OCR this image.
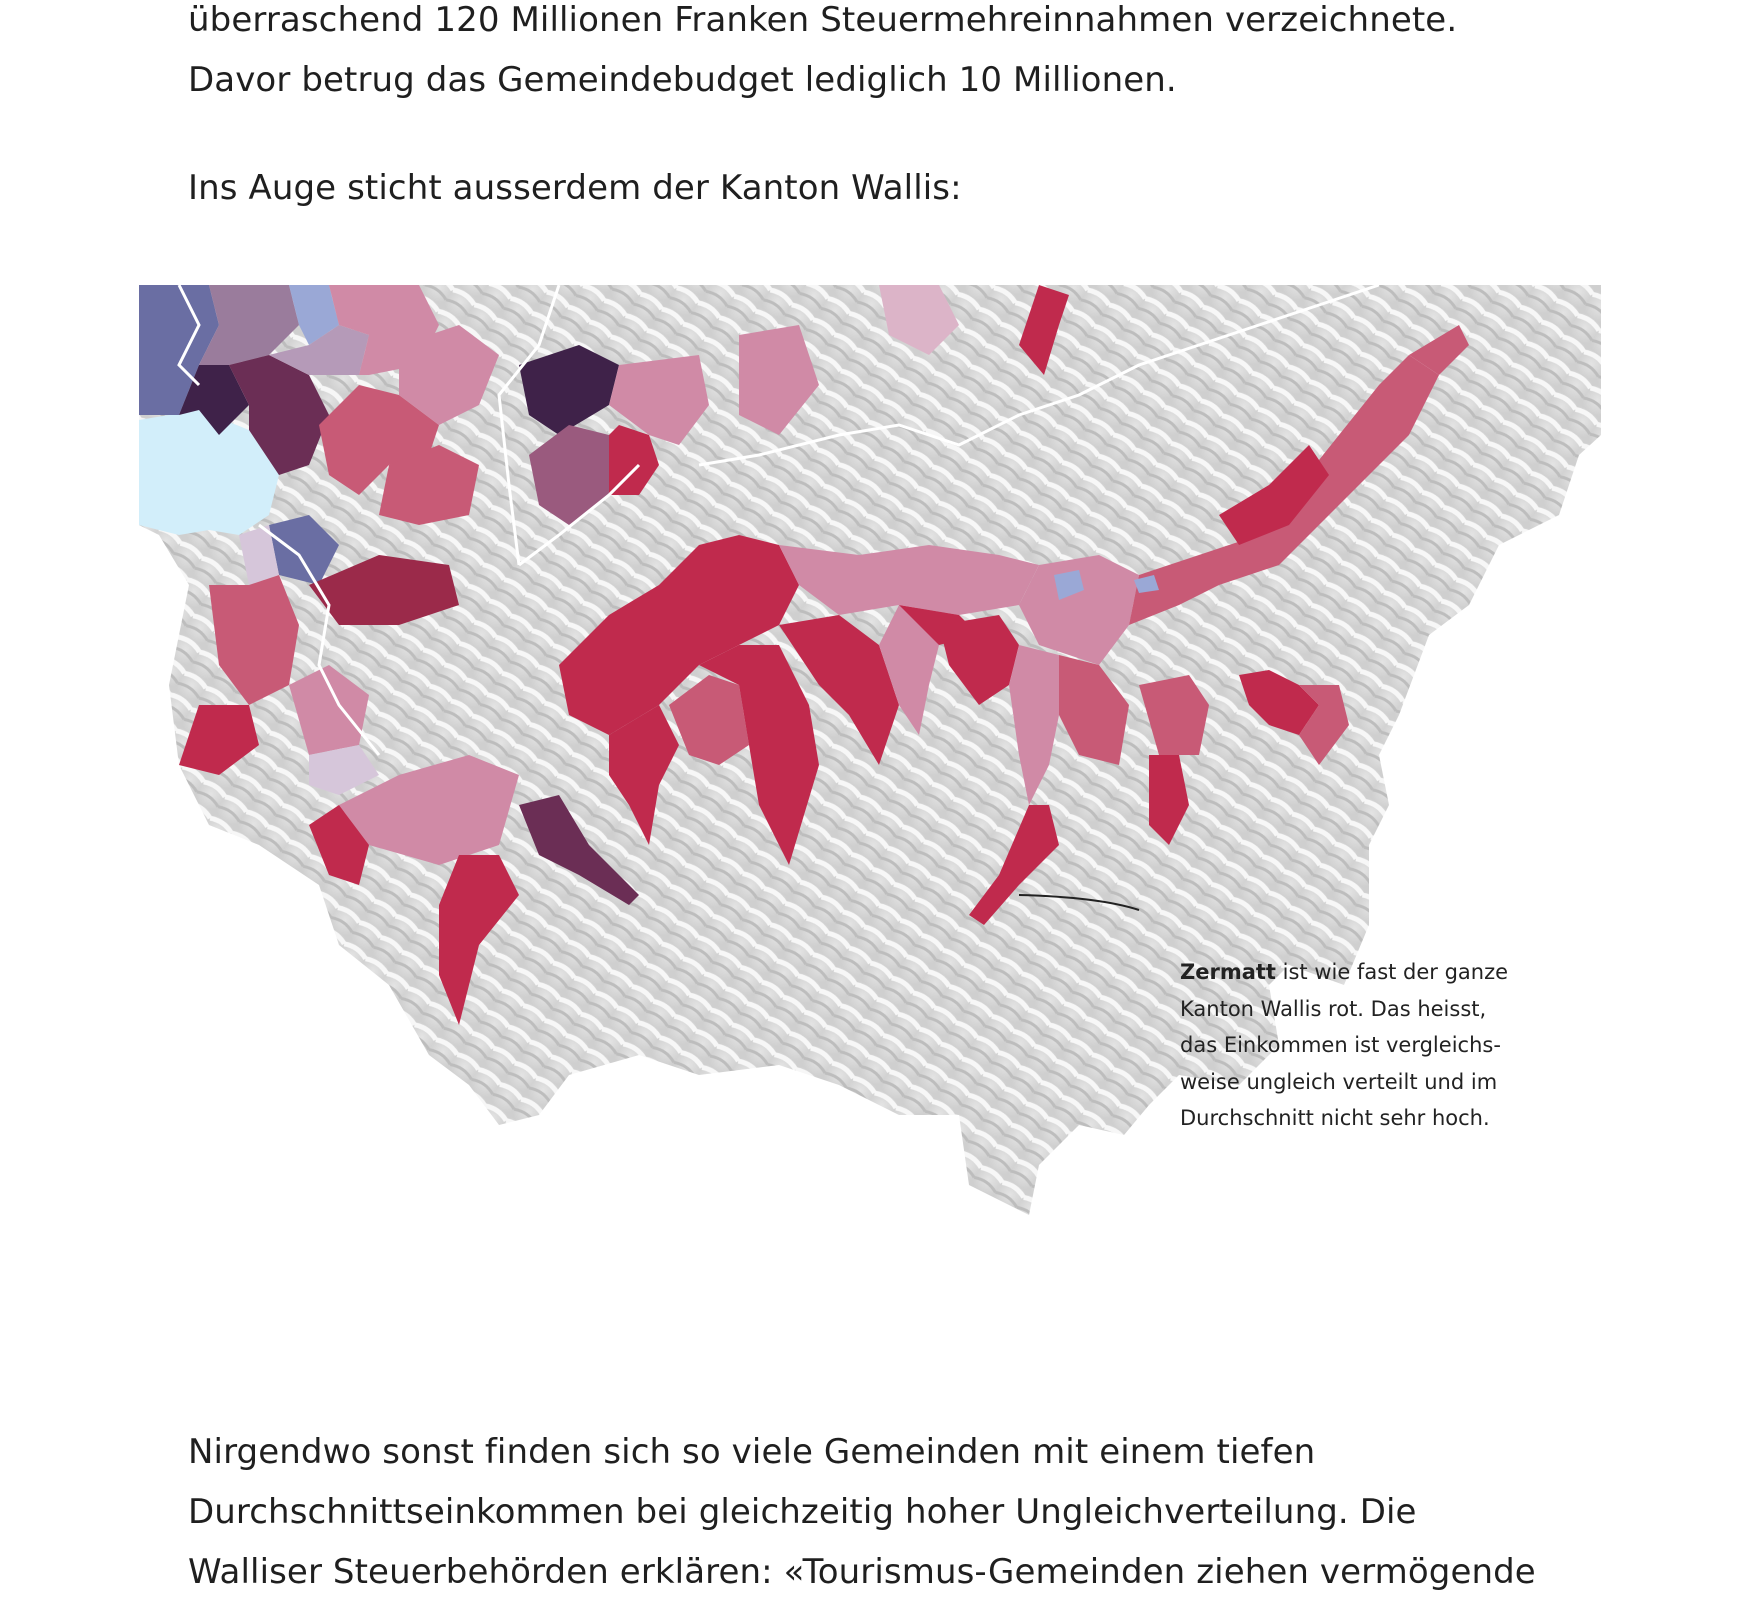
überraschend 120 Millionen Franken Steuermehreinnahmen verzeichnete.
Davor betrug das Gemeindebudget lediglich 10 Millionen.

Ins Auge sticht ausserdem der Kanton Wallis:

Zermatt ist wie fast der ganze
Kanton Wallis rot. Das heisst,
das Einkommen ist vergleichs-
weise ungleich verteilt und im
Durchschnitt nicht sehr hoch.

Nirgendwo sonst finden sich so viele Gemeinden mit einem tiefen
Durchschnittseinkommen bei gleichzeitig hoher Ungleichverteilung. Die
Walliser Steuerbehörden erklären: «Tourismus-Gemeinden ziehen vermögende
